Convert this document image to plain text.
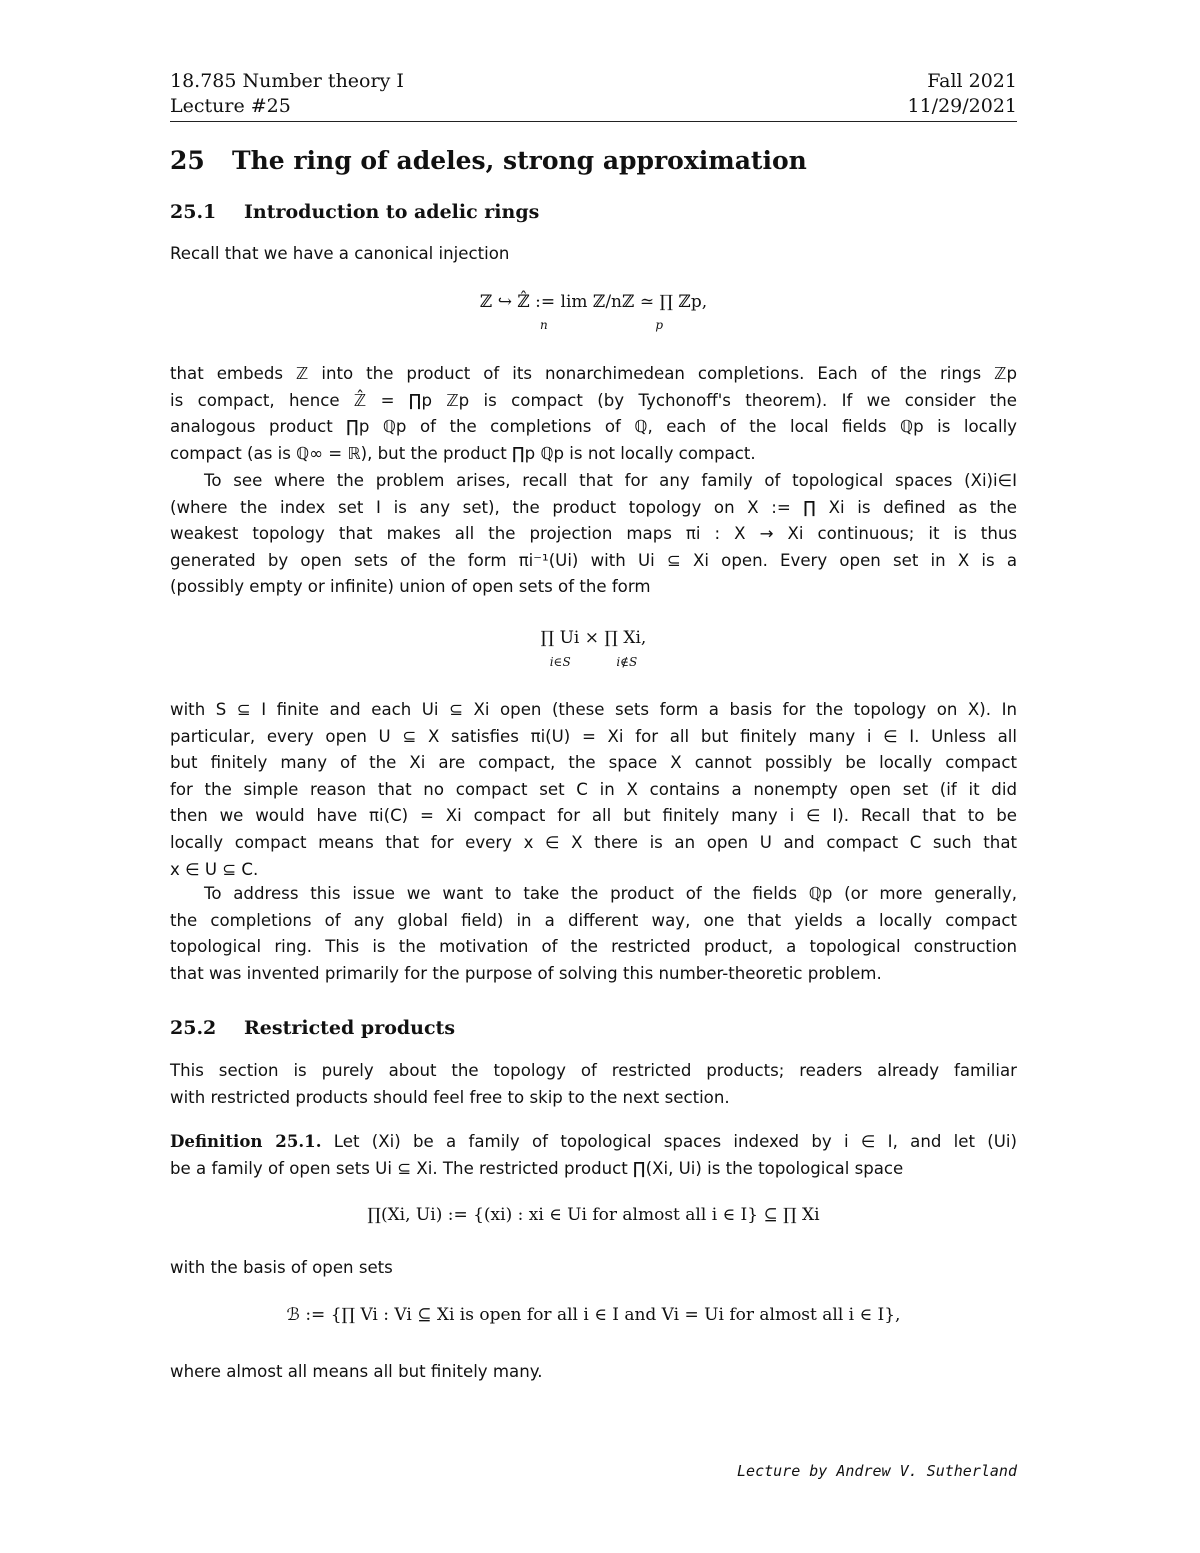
18.785 Number theory I	Fall 2021
Lecture #25	11/29/2021
25 The ring of adeles, strong approximation
25.1 Introduction to adelic rings
Recall that we have a canonical injection
ℤ ↪ ℤ̂ := lim ℤ/nℤ ≃ ∏ ℤp,
n	p
that embeds ℤ into the product of its nonarchimedean completions. Each of the rings ℤp
is compact, hence ℤ̂ = ∏p ℤp is compact (by Tychonoff's theorem). If we consider the
analogous product ∏p ℚp of the completions of ℚ, each of the local fields ℚp is locally
compact (as is ℚ∞ = ℝ), but the product ∏p ℚp is not locally compact.
To see where the problem arises, recall that for any family of topological spaces (Xi)i∈I
(where the index set I is any set), the product topology on X := ∏ Xi is defined as the
weakest topology that makes all the projection maps πi : X → Xi continuous; it is thus
generated by open sets of the form πi⁻¹(Ui) with Ui ⊆ Xi open. Every open set in X is a
(possibly empty or infinite) union of open sets of the form
∏ Ui × ∏ Xi,
i∈S	i∉S
with S ⊆ I finite and each Ui ⊆ Xi open (these sets form a basis for the topology on X). In
particular, every open U ⊆ X satisfies πi(U) = Xi for all but finitely many i ∈ I. Unless all
but finitely many of the Xi are compact, the space X cannot possibly be locally compact
for the simple reason that no compact set C in X contains a nonempty open set (if it did
then we would have πi(C) = Xi compact for all but finitely many i ∈ I). Recall that to be
locally compact means that for every x ∈ X there is an open U and compact C such that
x ∈ U ⊆ C.
To address this issue we want to take the product of the fields ℚp (or more generally,
the completions of any global field) in a different way, one that yields a locally compact
topological ring. This is the motivation of the restricted product, a topological construction
that was invented primarily for the purpose of solving this number-theoretic problem.
25.2 Restricted products
This section is purely about the topology of restricted products; readers already familiar
with restricted products should feel free to skip to the next section.
Definition 25.1. Let (Xi) be a family of topological spaces indexed by i ∈ I, and let (Ui)
be a family of open sets Ui ⊆ Xi. The restricted product ∏(Xi, Ui) is the topological space
∏(Xi, Ui) := {(xi) : xi ∈ Ui for almost all i ∈ I} ⊆ ∏ Xi
with the basis of open sets
ℬ := {∏ Vi : Vi ⊆ Xi is open for all i ∈ I and Vi = Ui for almost all i ∈ I},
where almost all means all but finitely many.
Lecture by Andrew V. Sutherland
